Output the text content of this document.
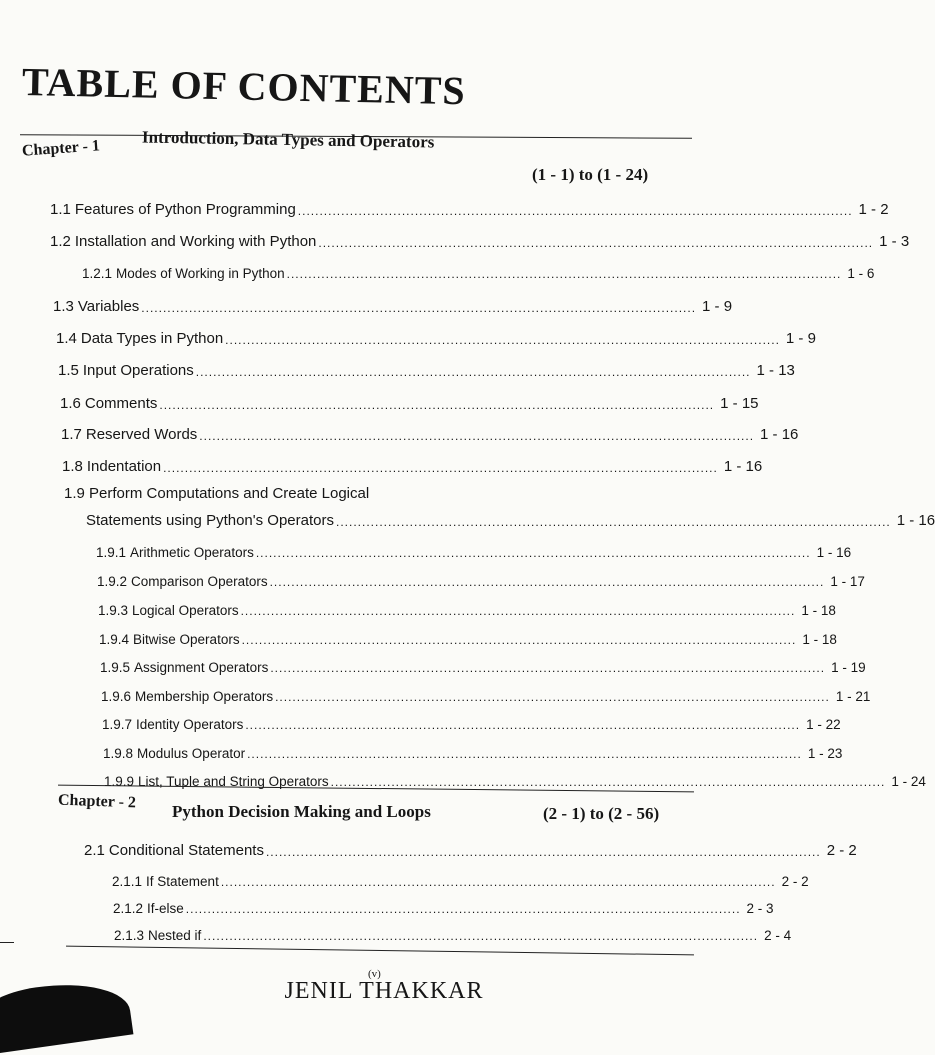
TABLE OF CONTENTS
Chapter - 1 Introduction, Data Types and Operators
(1 - 1) to (1 - 24)
1.1 Features of Python Programming ................................................................................................................................ 1 - 2
1.2 Installation and Working with Python ................................................................................................................................ 1 - 3
1.2.1 Modes of Working in Python ................................................................................................................................ 1 - 6
1.3 Variables ................................................................................................................................ 1 - 9
1.4 Data Types in Python ................................................................................................................................ 1 - 9
1.5 Input Operations ................................................................................................................................ 1 - 13
1.6 Comments ................................................................................................................................ 1 - 15
1.7 Reserved Words ................................................................................................................................ 1 - 16
1.8 Indentation ................................................................................................................................ 1 - 16
1.9 Perform Computations and Create Logical
Statements using Python's Operators ................................................................................................................................ 1 - 16
1.9.1 Arithmetic Operators ................................................................................................................................ 1 - 16
1.9.2 Comparison Operators ................................................................................................................................ 1 - 17
1.9.3 Logical Operators ................................................................................................................................ 1 - 18
1.9.4 Bitwise Operators ................................................................................................................................ 1 - 18
1.9.5 Assignment Operators ................................................................................................................................ 1 - 19
1.9.6 Membership Operators ................................................................................................................................ 1 - 21
1.9.7 Identity Operators ................................................................................................................................ 1 - 22
1.9.8 Modulus Operator ................................................................................................................................ 1 - 23
1.9.9 List, Tuple and String Operators ................................................................................................................................ 1 - 24
Chapter - 2
Python Decision Making and Loops	(2 - 1) to (2 - 56)
2.1 Conditional Statements ................................................................................................................................ 2 - 2
2.1.1 If Statement ................................................................................................................................ 2 - 2
2.1.2 If-else ................................................................................................................................ 2 - 3
2.1.3 Nested if ................................................................................................................................ 2 - 4
(v)
JENIL THAKKAR
